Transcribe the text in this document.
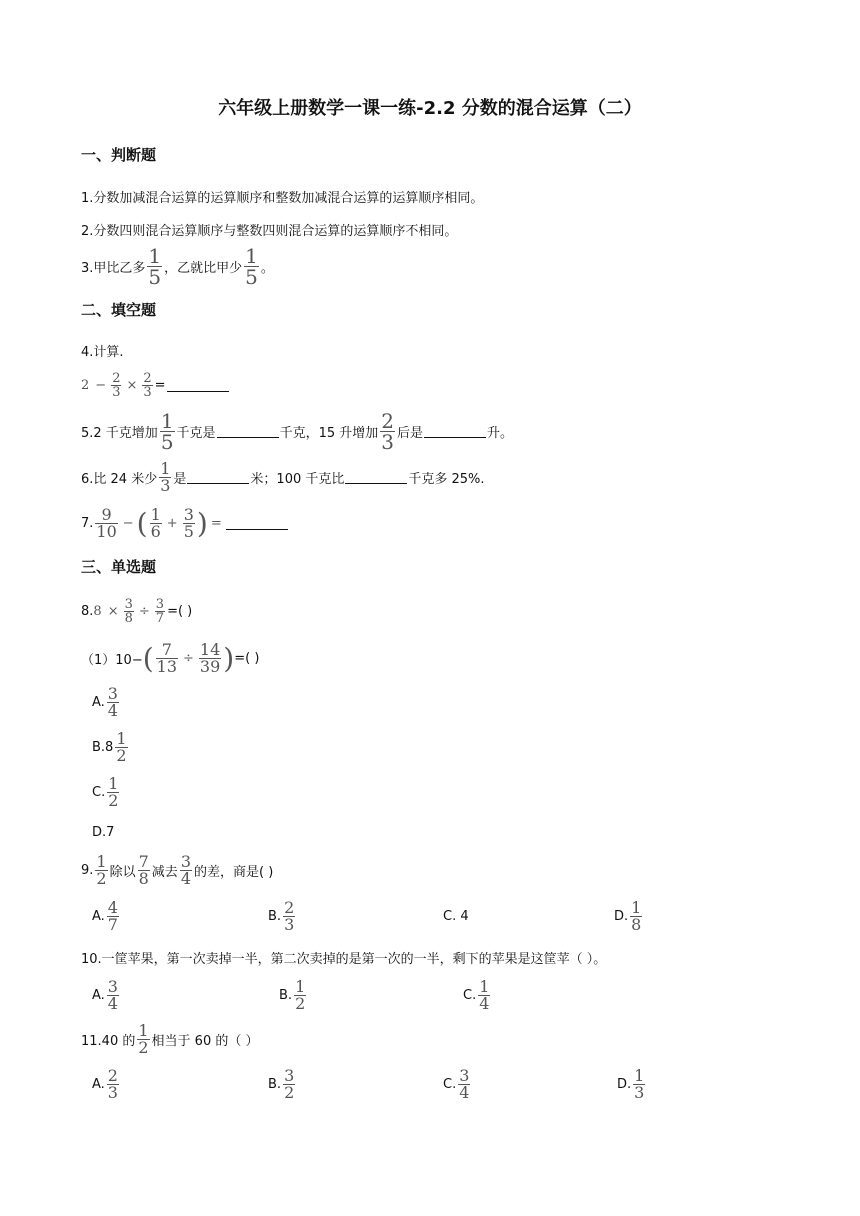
六年级上册数学一课一练-2.2 分数的混合运算（二）
一、判断题
1.分数加减混合运算的运算顺序和整数加减混合运算的运算顺序相同。
2.分数四则混合运算顺序与整数四则混合运算的运算顺序不相同。
3.甲比乙多 $\frac{1}{5}$ ，乙就比甲少 $\frac{1}{5}$ 。
二、填空题
4.计算.
$2 - \frac{2}{3} \times \frac{2}{3}$ =
5.2 千克增加 $\frac{1}{5}$ 千克是	千克，15 升增加 $\frac{2}{3}$ 后是	升。
6.比 24 米少 $\frac{1}{3}$ 是	米；100 千克比	千克多 25%.
7. $\frac{9}{10}$ − ( $\frac{1}{6} + \frac{3}{5}$ ) =
三、单选题
8. $8 \times \frac{3}{8} \div \frac{3}{7}$ =( )
（1）10− ( $\frac{7}{13} \div \frac{14}{39}$ ) =( )
A. $\frac{3}{4}$
$B.8 \frac{1}{2}$
C. $\frac{1}{2}$
D.7
9. $\frac{1}{2}$ 除以 $\frac{7}{8}$ 减去 $\frac{3}{4}$ 的差，商是( )
A. $\frac{4}{7}$	B. $\frac{2}{3}$	C. 4	D. $\frac{1}{8}$
10.一筐苹果，第一次卖掉一半，第二次卖掉的是第一次的一半，剩下的苹果是这筐苹（ ）。
A. $\frac{3}{4}$	B. $\frac{1}{2}$	C. $\frac{1}{4}$
11.40 的 $\frac{1}{2}$ 相当于 60 的（ ）
A. $\frac{2}{3}$	B. $\frac{3}{2}$	C. $\frac{3}{4}$	D. $\frac{1}{3}$
